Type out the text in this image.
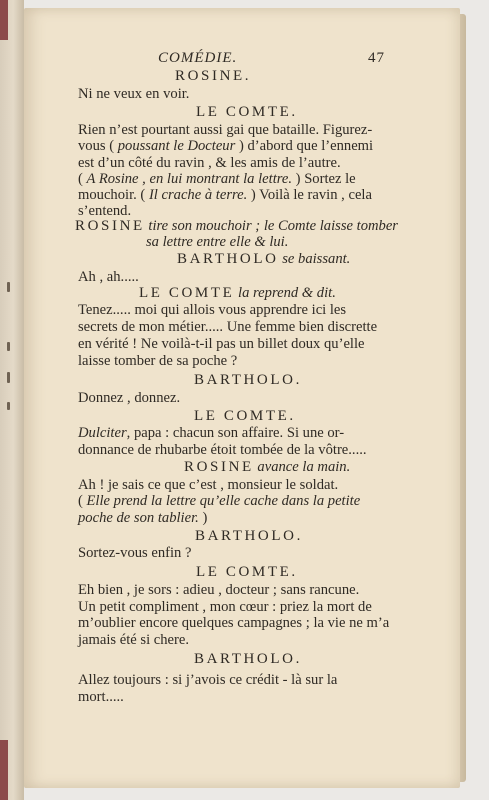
COMÉDIE.	47
ROSINE.
Ni ne veux en voir.
LE COMTE.
Rien n’est pourtant aussi gai que bataille. Figurez-
vous ( poussant le Docteur ) d’abord que l’ennemi
est d’un côté du ravin , & les amis de l’autre.
( A Rosine , en lui montrant la lettre. ) Sortez le
mouchoir. ( Il crache à terre. ) Voilà le ravin , cela
s’entend.
ROSINE tire son mouchoir ; le Comte laisse tomber
sa lettre entre elle & lui.
BARTHOLO se baissant.
Ah , ah.....
LE COMTE la reprend & dit.
Tenez..... moi qui allois vous apprendre ici les
secrets de mon métier..... Une femme bien discrette
en vérité ! Ne voilà-t-il pas un billet doux qu’elle
laisse tomber de sa poche ?
BARTHOLO.
Donnez , donnez.
LE COMTE.
Dulciter, papa : chacun son affaire. Si une or-
donnance de rhubarbe étoit tombée de la vôtre.....
ROSINE avance la main.
Ah ! je sais ce que c’est , monsieur le soldat.
( Elle prend la lettre qu’elle cache dans la petite
poche de son tablier. )
BARTHOLO.
Sortez-vous enfin ?
LE COMTE.
Eh bien , je sors : adieu , docteur ; sans rancune.
Un petit compliment , mon cœur : priez la mort de
m’oublier encore quelques campagnes ; la vie ne m’a
jamais été si chere.
BARTHOLO.
Allez toujours : si j’avois ce crédit - là sur la
mort.....
